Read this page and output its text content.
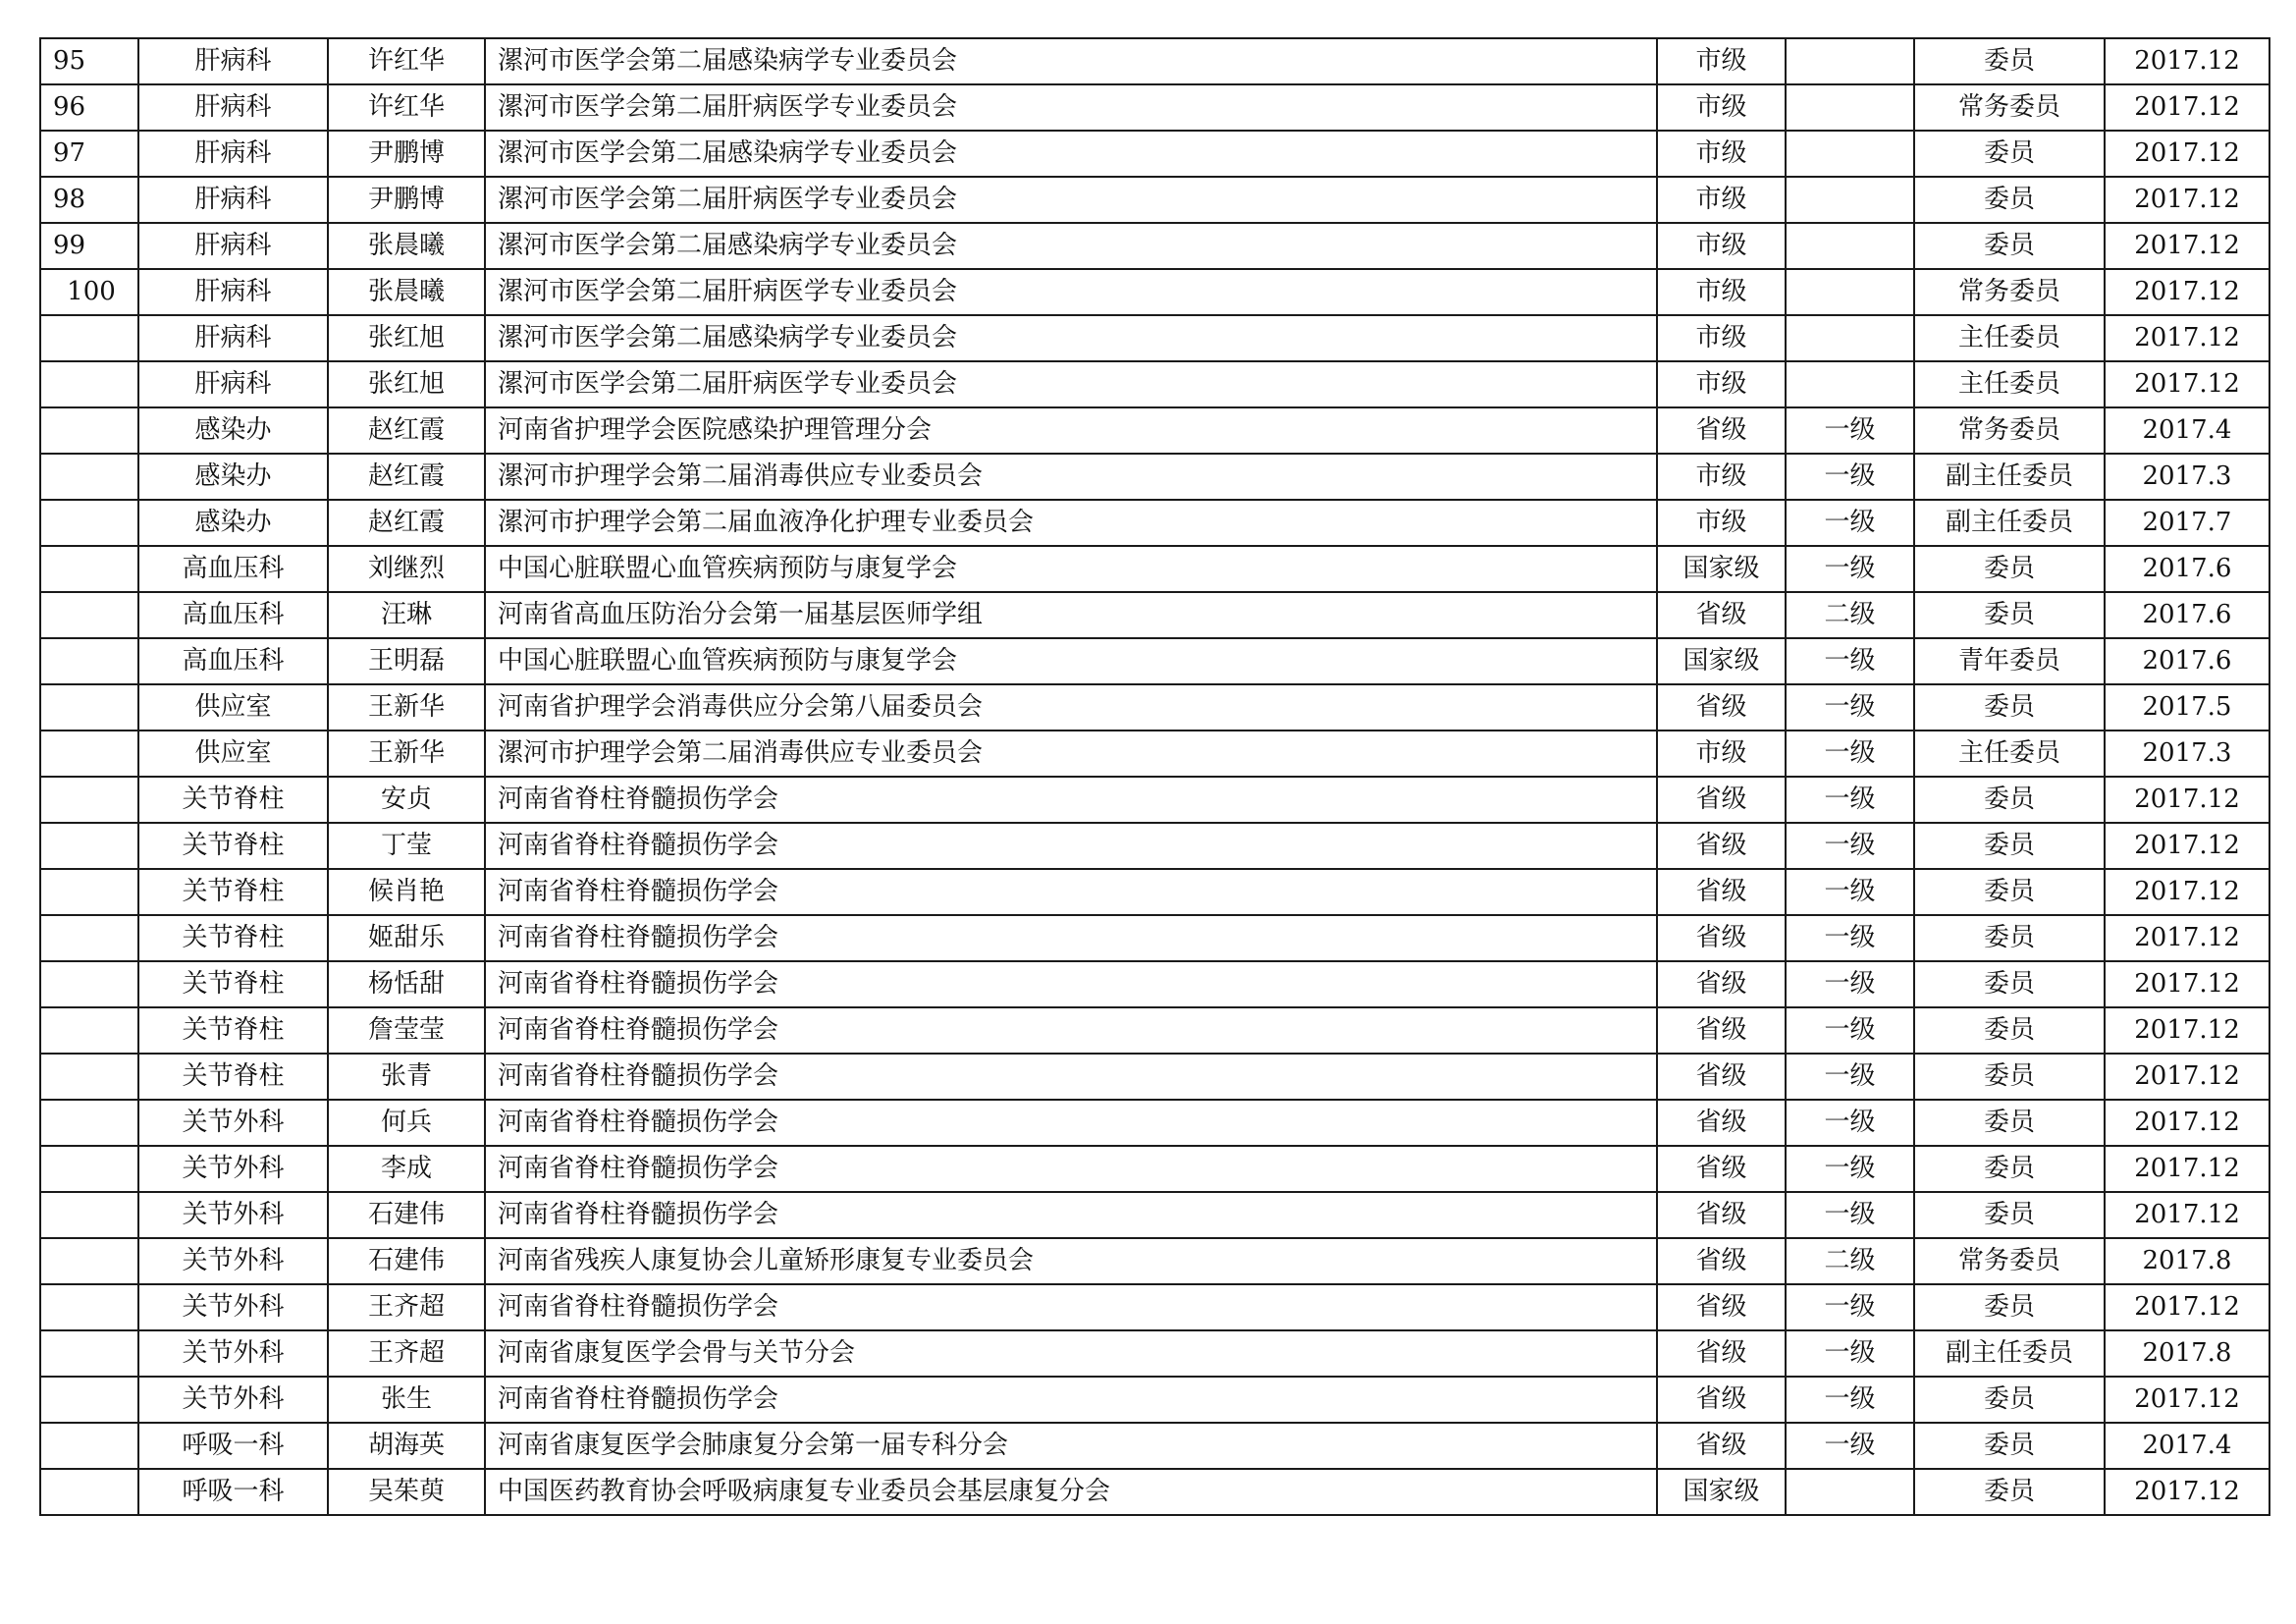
95	肝病科	许红华	漯河市医学会第二届感染病学专业委员会	市级		委员	2017.12
96	肝病科	许红华	漯河市医学会第二届肝病医学专业委员会	市级		常务委员	2017.12
97	肝病科	尹鹏博	漯河市医学会第二届感染病学专业委员会	市级		委员	2017.12
98	肝病科	尹鹏博	漯河市医学会第二届肝病医学专业委员会	市级		委员	2017.12
99	肝病科	张晨曦	漯河市医学会第二届感染病学专业委员会	市级		委员	2017.12
100	肝病科	张晨曦	漯河市医学会第二届肝病医学专业委员会	市级		常务委员	2017.12
	肝病科	张红旭	漯河市医学会第二届感染病学专业委员会	市级		主任委员	2017.12
	肝病科	张红旭	漯河市医学会第二届肝病医学专业委员会	市级		主任委员	2017.12
	感染办	赵红霞	河南省护理学会医院感染护理管理分会	省级	一级	常务委员	2017.4
	感染办	赵红霞	漯河市护理学会第二届消毒供应专业委员会	市级	一级	副主任委员	2017.3
	感染办	赵红霞	漯河市护理学会第二届血液净化护理专业委员会	市级	一级	副主任委员	2017.7
	高血压科	刘继烈	中国心脏联盟心血管疾病预防与康复学会	国家级	一级	委员	2017.6
	高血压科	汪琳	河南省高血压防治分会第一届基层医师学组	省级	二级	委员	2017.6
	高血压科	王明磊	中国心脏联盟心血管疾病预防与康复学会	国家级	一级	青年委员	2017.6
	供应室	王新华	河南省护理学会消毒供应分会第八届委员会	省级	一级	委员	2017.5
	供应室	王新华	漯河市护理学会第二届消毒供应专业委员会	市级	一级	主任委员	2017.3
	关节脊柱	安贞	河南省脊柱脊髓损伤学会	省级	一级	委员	2017.12
	关节脊柱	丁莹	河南省脊柱脊髓损伤学会	省级	一级	委员	2017.12
	关节脊柱	候肖艳	河南省脊柱脊髓损伤学会	省级	一级	委员	2017.12
	关节脊柱	姬甜乐	河南省脊柱脊髓损伤学会	省级	一级	委员	2017.12
	关节脊柱	杨恬甜	河南省脊柱脊髓损伤学会	省级	一级	委员	2017.12
	关节脊柱	詹莹莹	河南省脊柱脊髓损伤学会	省级	一级	委员	2017.12
	关节脊柱	张青	河南省脊柱脊髓损伤学会	省级	一级	委员	2017.12
	关节外科	何兵	河南省脊柱脊髓损伤学会	省级	一级	委员	2017.12
	关节外科	李成	河南省脊柱脊髓损伤学会	省级	一级	委员	2017.12
	关节外科	石建伟	河南省脊柱脊髓损伤学会	省级	一级	委员	2017.12
	关节外科	石建伟	河南省残疾人康复协会儿童矫形康复专业委员会	省级	二级	常务委员	2017.8
	关节外科	王齐超	河南省脊柱脊髓损伤学会	省级	一级	委员	2017.12
	关节外科	王齐超	河南省康复医学会骨与关节分会	省级	一级	副主任委员	2017.8
	关节外科	张生	河南省脊柱脊髓损伤学会	省级	一级	委员	2017.12
	呼吸一科	胡海英	河南省康复医学会肺康复分会第一届专科分会	省级	一级	委员	2017.4
	呼吸一科	吴茱萸	中国医药教育协会呼吸病康复专业委员会基层康复分会	国家级		委员	2017.12
